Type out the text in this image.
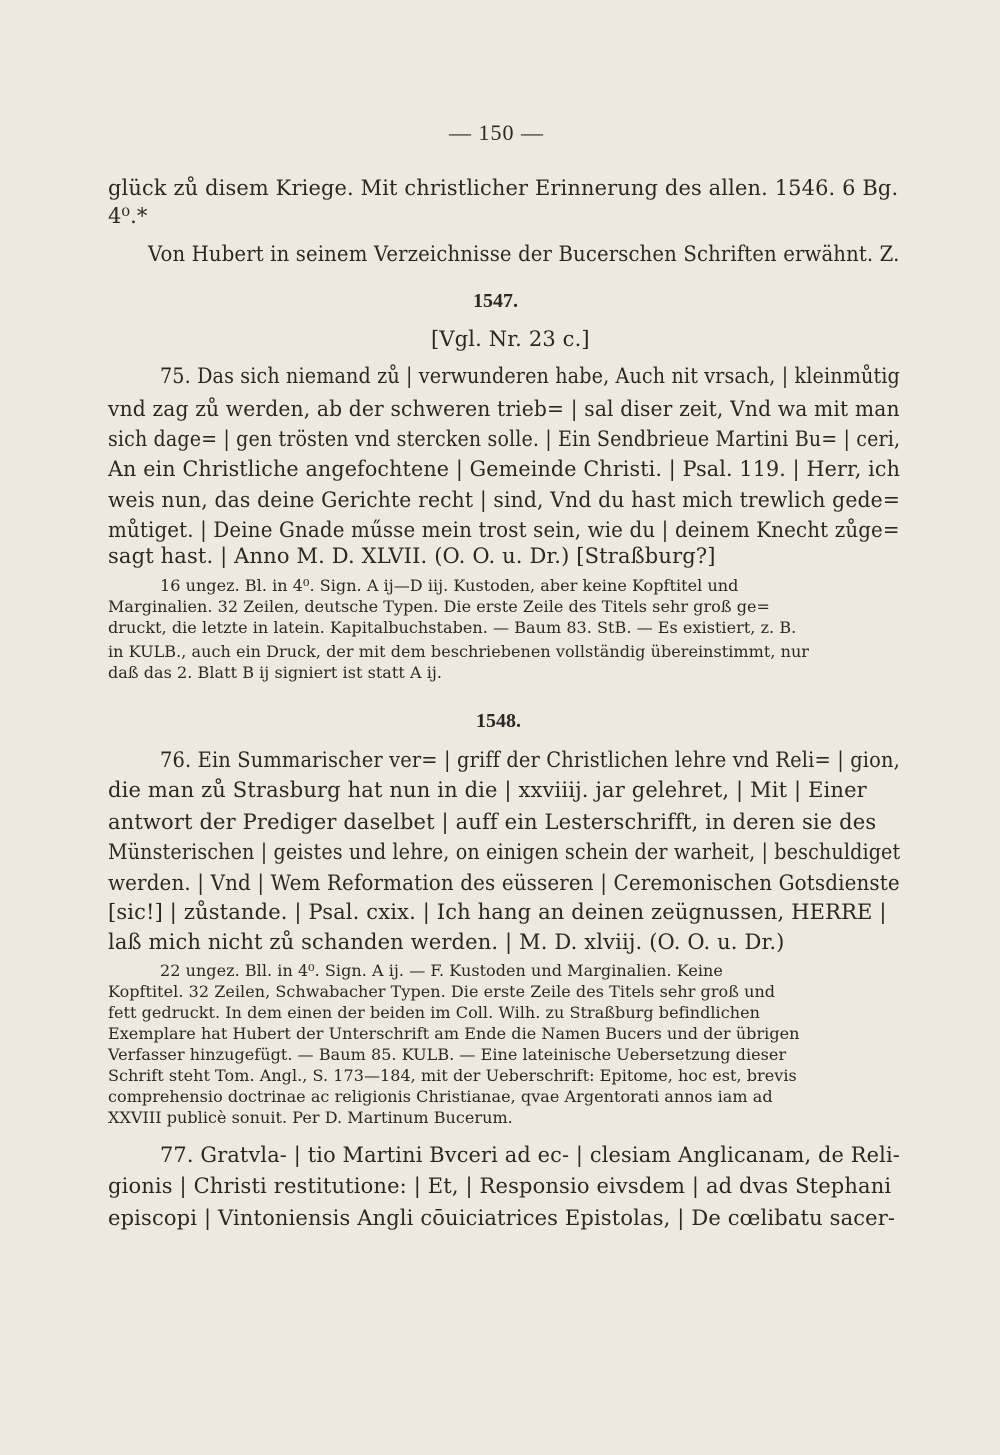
— 150 —
glück zů disem Kriege. Mit christlicher Erinnerung des allen. 1546. 6 Bg.
4⁰.*
Von Hubert in seinem Verzeichnisse der Bucerschen Schriften erwähnt. Z.
1547.
[Vgl. Nr. 23 c.]
75. Das sich niemand zů | verwunderen habe, Auch nit vrsach, | kleinmůtig
vnd zag zů werden, ab der schweren trieb= | sal diser zeit, Vnd wa mit man
sich dage= | gen trösten vnd stercken solle. | Ein Sendbrieue Martini Bu= | ceri,
An ein Christliche angefochtene | Gemeinde Christi. | Psal. 119. | Herr, ich
weis nun, das deine Gerichte recht | sind, Vnd du hast mich trewlich gede=
můtiget. | Deine Gnade műsse mein trost sein, wie du | deinem Knecht zůge=
sagt hast. | Anno M. D. XLVII. (O. O. u. Dr.) [Straßburg?]
16 ungez. Bl. in 4⁰. Sign. A ij—D iij. Kustoden, aber keine Kopftitel und
Marginalien. 32 Zeilen, deutsche Typen. Die erste Zeile des Titels sehr groß ge=
druckt, die letzte in latein. Kapitalbuchstaben. — Baum 83. StB. — Es existiert, z. B.
in KULB., auch ein Druck, der mit dem beschriebenen vollständig übereinstimmt, nur
daß das 2. Blatt B ij signiert ist statt A ij.
1548.
76. Ein Summarischer ver= | griff der Christlichen lehre vnd Reli= | gion,
die man zů Strasburg hat nun in die | xxviiij. jar gelehret, | Mit | Einer
antwort der Prediger daselbet | auff ein Lesterschrifft, in deren sie des
Münsterischen | geistes und lehre, on einigen schein der warheit, | beschuldiget
werden. | Vnd | Wem Reformation des eüsseren | Ceremonischen Gotsdienste
[sic!] | zůstande. | Psal. cxix. | Ich hang an deinen zeügnussen, HERRE |
laß mich nicht zů schanden werden. | M. D. xlviij. (O. O. u. Dr.)
22 ungez. Bll. in 4⁰. Sign. A ij. — F. Kustoden und Marginalien. Keine
Kopftitel. 32 Zeilen, Schwabacher Typen. Die erste Zeile des Titels sehr groß und
fett gedruckt. In dem einen der beiden im Coll. Wilh. zu Straßburg befindlichen
Exemplare hat Hubert der Unterschrift am Ende die Namen Bucers und der übrigen
Verfasser hinzugefügt. — Baum 85. KULB. — Eine lateinische Uebersetzung dieser
Schrift steht Tom. Angl., S. 173—184, mit der Ueberschrift: Epitome, hoc est, brevis
comprehensio doctrinae ac religionis Christianae, qvae Argentorati annos iam ad
XXVIII publicè sonuit. Per D. Martinum Bucerum.
77. Gratvla- | tio Martini Bvceri ad ec- | clesiam Anglicanam, de Reli-
gionis | Christi restitutione: | Et, | Responsio eivsdem | ad dvas Stephani
episcopi | Vintoniensis Angli cōuiciatrices Epistolas, | De cœlibatu sacer-
